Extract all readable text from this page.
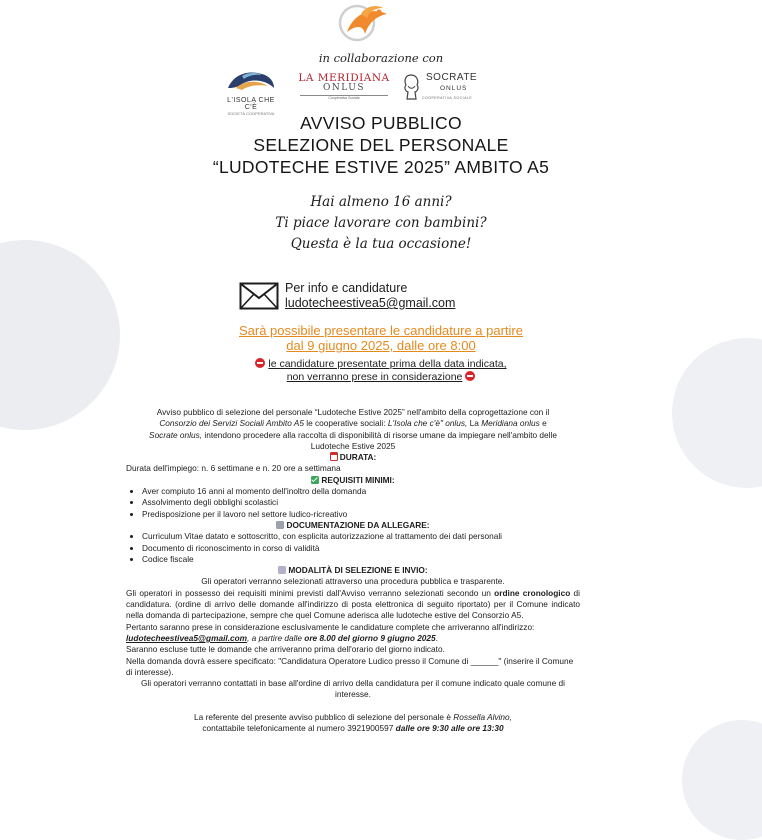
in collaborazione con
L'ISOLA CHE C'È
SOCIETÀ COOPERATIVA
LA MERIDIANA
ONLUS
Cooperativa Sociale
SOCRATE
ONLUS
COOPERATIVA SOCIALE
AVVISO PUBBLICO
SELEZIONE DEL PERSONALE
“LUDOTECHE ESTIVE 2025” AMBITO A5
Hai almeno 16 anni?
Ti piace lavorare con bambini?
Questa è la tua occasione!
Per info e candidature
ludotecheestivea5@gmail.com
Sarà possibile presentare le candidature a partire
dal 9 giugno 2025, dalle ore 8:00
le candidature presentate prima della data indicata,
non verranno prese in considerazione
Avviso pubblico di selezione del personale “Ludoteche Estive 2025” nell'ambito della coprogettazione con il
Consorzio dei Servizi Sociali Ambito A5 le cooperative sociali: L'Isola che c'è" onlus, La Meridiana onlus e
Socrate onlus, intendono procedere alla raccolta di disponibilità di risorse umane da impiegare nell'ambito delle
Ludoteche Estive 2025
DURATA:
Durata dell'impiego: n. 6 settimane e n. 20 ore a settimana
REQUISITI MINIMI:
• Aver compiuto 16 anni al momento dell'inoltro della domanda
• Assolvimento degli obblighi scolastici
• Predisposizione per il lavoro nel settore ludico-ricreativo
DOCUMENTAZIONE DA ALLEGARE:
• Curriculum Vitae datato e sottoscritto, con esplicita autorizzazione al trattamento dei dati personali
• Documento di riconoscimento in corso di validità
• Codice fiscale
MODALITÀ DI SELEZIONE E INVIO:
Gli operatori verranno selezionati attraverso una procedura pubblica e trasparente.
Gli operatori in possesso dei requisiti minimi previsti dall'Avviso verranno selezionati secondo un ordine cronologico di candidatura. (ordine di arrivo delle domande all'indirizzo di posta elettronica di seguito riportato) per il Comune indicato nella domanda di partecipazione, sempre che quel Comune aderisca alle ludoteche estive del Consorzio A5.
Pertanto saranno prese in considerazione esclusivamente le candidature complete che arriveranno all'indirizzo:
ludotecheestivea5@gmail.com, a partire dalle ore 8.00 del giorno 9 giugno 2025.
Saranno escluse tutte le domande che arriveranno prima dell'orario del giorno indicato.
Nella domanda dovrà essere specificato: "Candidatura Operatore Ludico presso il Comune di ______" (inserire il Comune di interesse).
Gli operatori verranno contattati in base all'ordine di arrivo della candidatura per il comune indicato quale comune di interesse.
La referente del presente avviso pubblico di selezione del personale è Rossella Alvino,
contattabile telefonicamente al numero 3921900597 dalle ore 9:30 alle ore 13:30
